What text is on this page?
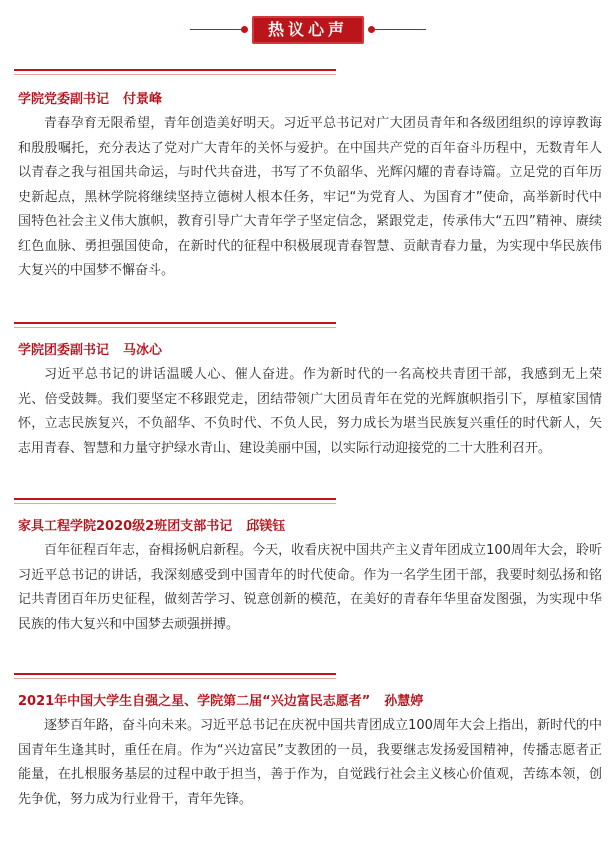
热议心声

学院党委副书记 付景峰

青春孕育无限希望，青年创造美好明天。习近平总书记对广大团员青年和各级团组织的谆谆教诲和殷殷嘱托，充分表达了党对广大青年的关怀与爱护。在中国共产党的百年奋斗历程中，无数青年人以青春之我与祖国共命运，与时代共奋进，书写了不负韶华、光辉闪耀的青春诗篇。立足党的百年历史新起点，黑林学院将继续坚持立德树人根本任务，牢记“为党育人、为国育才”使命，高举新时代中国特色社会主义伟大旗帜，教育引导广大青年学子坚定信念，紧跟党走，传承伟大“五四”精神、赓续红色血脉、勇担强国使命，在新时代的征程中积极展现青春智慧、贡献青春力量，为实现中华民族伟大复兴的中国梦不懈奋斗。

学院团委副书记 马冰心

习近平总书记的讲话温暖人心、催人奋进。作为新时代的一名高校共青团干部，我感到无上荣光、倍受鼓舞。我们要坚定不移跟党走，团结带领广大团员青年在党的光辉旗帜指引下，厚植家国情怀，立志民族复兴，不负韶华、不负时代、不负人民，努力成长为堪当民族复兴重任的时代新人，矢志用青春、智慧和力量守护绿水青山、建设美丽中国，以实际行动迎接党的二十大胜利召开。

家具工程学院2020级2班团支部书记 邱镁钰

百年征程百年志，奋楫扬帆启新程。今天，收看庆祝中国共产主义青年团成立100周年大会，聆听习近平总书记的讲话，我深刻感受到中国青年的时代使命。作为一名学生团干部，我要时刻弘扬和铭记共青团百年历史征程，做刻苦学习、锐意创新的模范，在美好的青春年华里奋发图强，为实现中华民族的伟大复兴和中国梦去顽强拼搏。

2021年中国大学生自强之星、学院第二届“兴边富民志愿者” 孙慧婷

逐梦百年路，奋斗向未来。习近平总书记在庆祝中国共青团成立100周年大会上指出，新时代的中国青年生逢其时，重任在肩。作为“兴边富民”支教团的一员，我要继志发扬爱国精神，传播志愿者正能量，在扎根服务基层的过程中敢于担当，善于作为，自觉践行社会主义核心价值观，苦练本领，创先争优，努力成为行业骨干，青年先锋。
